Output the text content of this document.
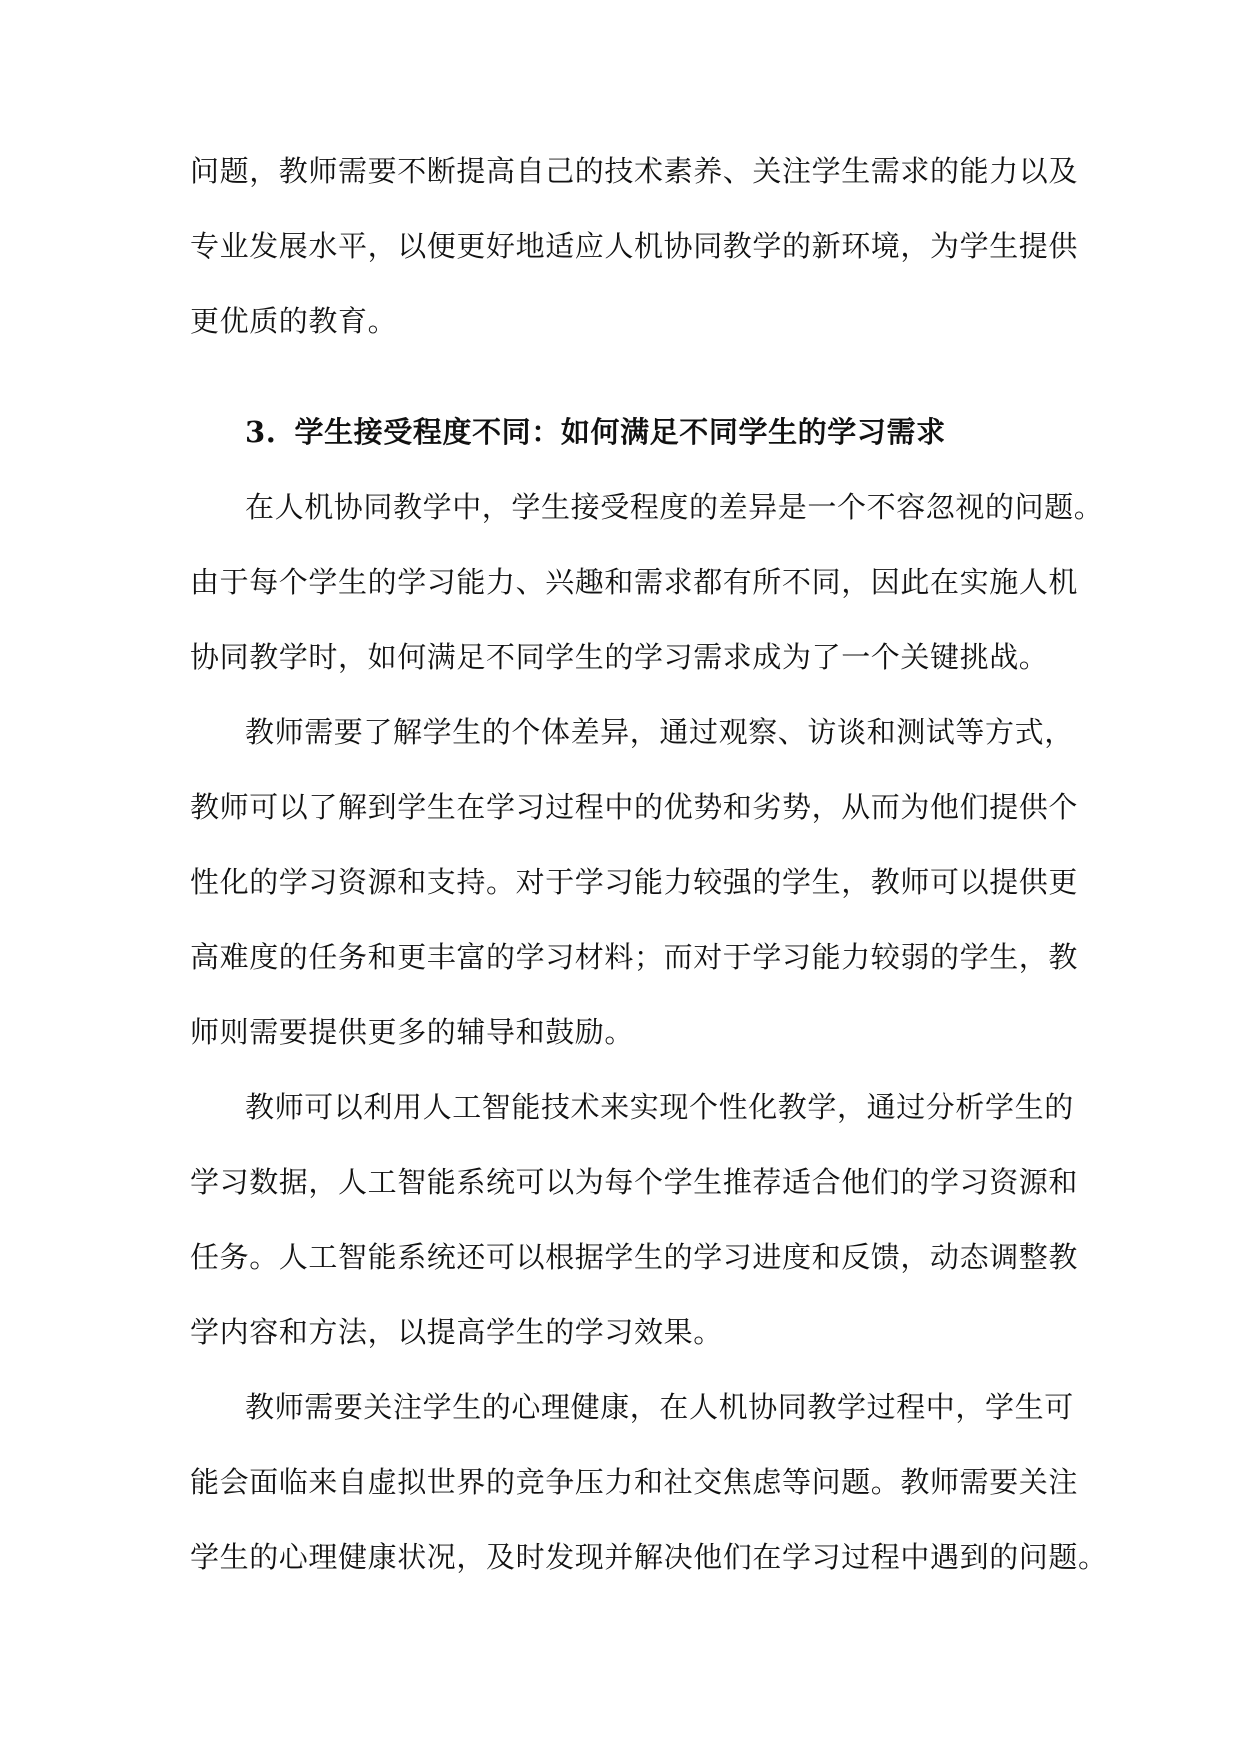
问题，教师需要不断提高自己的技术素养、关注学生需求的能力以及
专业发展水平，以便更好地适应人机协同教学的新环境，为学生提供
更优质的教育。
3. 学生接受程度不同：如何满足不同学生的学习需求
在人机协同教学中，学生接受程度的差异是一个不容忽视的问题。
由于每个学生的学习能力、兴趣和需求都有所不同，因此在实施人机
协同教学时，如何满足不同学生的学习需求成为了一个关键挑战。
教师需要了解学生的个体差异，通过观察、访谈和测试等方式，
教师可以了解到学生在学习过程中的优势和劣势，从而为他们提供个
性化的学习资源和支持。对于学习能力较强的学生，教师可以提供更
高难度的任务和更丰富的学习材料；而对于学习能力较弱的学生，教
师则需要提供更多的辅导和鼓励。
教师可以利用人工智能技术来实现个性化教学，通过分析学生的
学习数据，人工智能系统可以为每个学生推荐适合他们的学习资源和
任务。人工智能系统还可以根据学生的学习进度和反馈，动态调整教
学内容和方法，以提高学生的学习效果。
教师需要关注学生的心理健康，在人机协同教学过程中，学生可
能会面临来自虚拟世界的竞争压力和社交焦虑等问题。教师需要关注
学生的心理健康状况，及时发现并解决他们在学习过程中遇到的问题。
